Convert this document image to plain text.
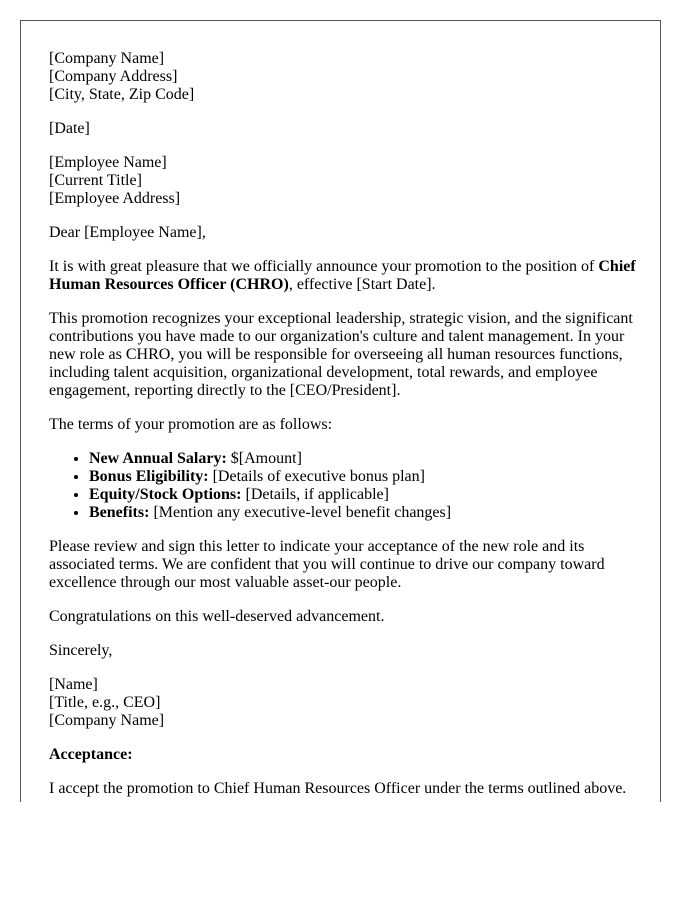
[Company Name]
[Company Address]
[City, State, Zip Code]

[Date]

[Employee Name]
[Current Title]
[Employee Address]

Dear [Employee Name],

It is with great pleasure that we officially announce your promotion to the position of Chief Human Resources Officer (CHRO), effective [Start Date].

This promotion recognizes your exceptional leadership, strategic vision, and the significant contributions you have made to our organization's culture and talent management. In your new role as CHRO, you will be responsible for overseeing all human resources functions, including talent acquisition, organizational development, total rewards, and employee engagement, reporting directly to the [CEO/President].

The terms of your promotion are as follows:

• New Annual Salary: $[Amount]
• Bonus Eligibility: [Details of executive bonus plan]
• Equity/Stock Options: [Details, if applicable]
• Benefits: [Mention any executive-level benefit changes]

Please review and sign this letter to indicate your acceptance of the new role and its associated terms. We are confident that you will continue to drive our company toward excellence through our most valuable asset-our people.

Congratulations on this well-deserved advancement.

Sincerely,

[Name]
[Title, e.g., CEO]
[Company Name]

Acceptance:

I accept the promotion to Chief Human Resources Officer under the terms outlined above.
